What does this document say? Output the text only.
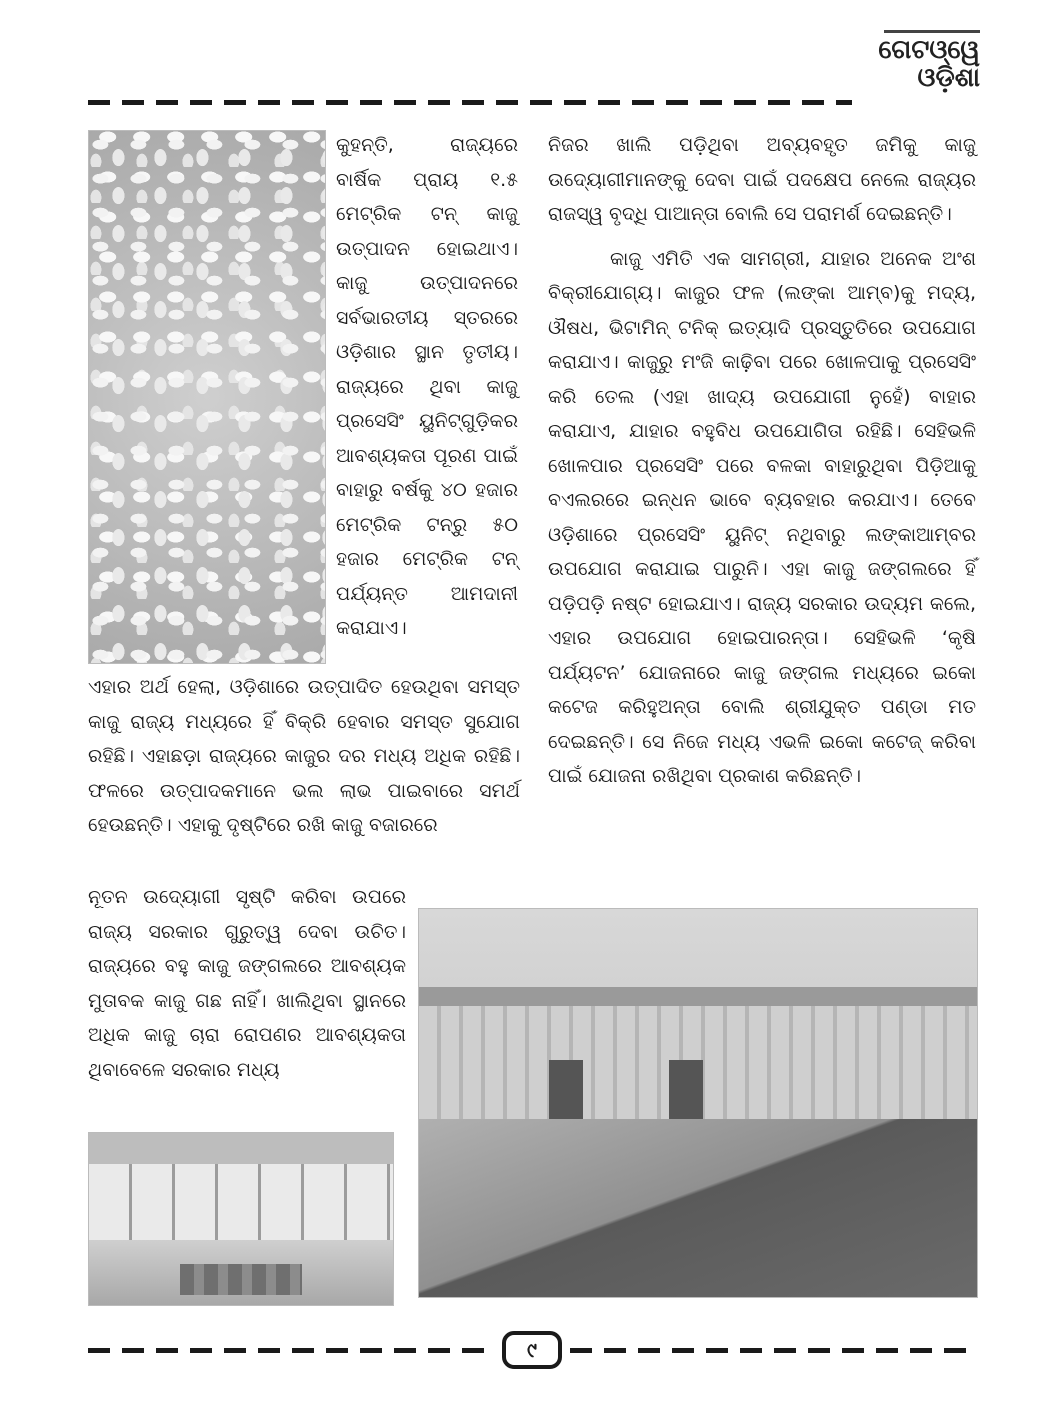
ଗେଟଓ୍ୱେ
ଓଡ଼ିଶା

କୁହନ୍ତି, ରାଜ୍ୟରେ ବାର୍ଷିକ ପ୍ରାୟ ୧.୫ ମେଟ୍ରିକ ଟନ୍ କାଜୁ ଉତ୍ପାଦନ ହୋଇଥାଏ। କାଜୁ ଉତ୍ପାଦନରେ ସର୍ବଭାରତୀୟ ସ୍ତରରେ ଓଡ଼ିଶାର ସ୍ଥାନ ତୃତୀୟ। ରାଜ୍ୟରେ ଥିବା କାଜୁ ପ୍ରସେସିଂ ୟୁନିଟ୍‌ଗୁଡ଼ିକର ଆବଶ୍ୟକତା ପୂରଣ ପାଇଁ ବାହାରୁ ବର୍ଷକୁ ୪୦ ହଜାର ମେଟ୍ରିକ ଟନ୍‌ରୁ ୫୦ ହଜାର ମେଟ୍ରିକ ଟନ୍ ପର୍ଯ୍ୟନ୍ତ ଆମଦାନୀ କରାଯାଏ।

ଏହାର ଅର୍ଥ ହେଲା, ଓଡ଼ିଶାରେ ଉତ୍ପାଦିତ ହେଉଥିବା ସମସ୍ତ କାଜୁ ରାଜ୍ୟ ମଧ୍ୟରେ ହିଁ ବିକ୍ରି ହେବାର ସମସ୍ତ ସୁଯୋଗ ରହିଛି। ଏହାଛଡ଼ା ରାଜ୍ୟରେ କାଜୁର ଦର ମଧ୍ୟ ଅଧିକ ରହିଛି। ଫଳରେ ଉତ୍ପାଦକମାନେ ଭଲ ଲାଭ ପାଇବାରେ ସମର୍ଥ ହେଉଛନ୍ତି। ଏହାକୁ ଦୃଷ୍ଟିରେ ରଖି କାଜୁ ବଜାରରେ

ନୂତନ ଉଦ୍ୟୋଗୀ ସୃଷ୍ଟି କରିବା ଉପରେ ରାଜ୍ୟ ସରକାର ଗୁରୁତ୍ୱ ଦେବା ଉଚିତ। ରାଜ୍ୟରେ ବହୁ କାଜୁ ଜଙ୍ଗଲରେ ଆବଶ୍ୟକ ମୁତାବକ କାଜୁ ଗଛ ନାହିଁ। ଖାଲିଥିବା ସ୍ଥାନରେ ଅଧିକ କାଜୁ ଚାରା ରୋପଣର ଆବଶ୍ୟକତା ଥିବାବେଳେ ସରକାର ମଧ୍ୟ

ନିଜର ଖାଲି ପଡ଼ିଥିବା ଅବ୍ୟବହୃତ ଜମିକୁ କାଜୁ ଉଦ୍ୟୋଗୀମାନଙ୍କୁ ଦେବା ପାଇଁ ପଦକ୍ଷେପ ନେଲେ ରାଜ୍ୟର ରାଜସ୍ୱ ବୃଦ୍ଧି ପାଆନ୍ତା ବୋଲି ସେ ପରାମର୍ଶ ଦେଇଛନ୍ତି।

କାଜୁ ଏମିତି ଏକ ସାମଗ୍ରୀ, ଯାହାର ଅନେକ ଅଂଶ ବିକ୍ରୀଯୋଗ୍ୟ। କାଜୁର ଫଳ (ଲଙ୍କା ଆମ୍ବ)କୁ ମଦ୍ୟ, ଔଷଧ, ଭିଟାମିନ୍ ଟନିକ୍ ଇତ୍ୟାଦି ପ୍ରସ୍ତୁତିରେ ଉପଯୋଗ କରାଯାଏ। କାଜୁରୁ ମଂଜି କାଢ଼ିବା ପରେ ଖୋଳପାକୁ ପ୍ରସେସିଂ କରି ତେଲ (ଏହା ଖାଦ୍ୟ ଉପଯୋଗୀ ନୁହେଁ) ବାହାର କରାଯାଏ, ଯାହାର ବହୁବିଧ ଉପଯୋଗିତା ରହିଛି। ସେହିଭଳି ଖୋଳପାର ପ୍ରସେସିଂ ପରେ ବଳକା ବାହାରୁଥିବା ପିଡ଼ିଆକୁ ବଏଲରରେ ଇନ୍ଧନ ଭାବେ ବ୍ୟବହାର କରଯାଏ। ତେବେ ଓଡ଼ିଶାରେ ପ୍ରସେସିଂ ୟୁନିଟ୍ ନଥିବାରୁ ଲଙ୍କାଆମ୍ବର ଉପଯୋଗ କରାଯାଇ ପାରୁନି। ଏହା କାଜୁ ଜଙ୍ଗଲରେ ହିଁ ପଡ଼ିପଡ଼ି ନଷ୍ଟ ହୋଇଯାଏ। ରାଜ୍ୟ ସରକାର ଉଦ୍ୟମ କଲେ, ଏହାର ଉପଯୋଗ ହୋଇପାରନ୍ତା। ସେହିଭଳି ‘କୃଷି ପର୍ଯ୍ୟଟନ’ ଯୋଜନାରେ କାଜୁ ଜଙ୍ଗଲ ମଧ୍ୟରେ ଇକୋ କଟେଜ କରିହୁଅନ୍ତା ବୋଲି ଶ୍ରୀଯୁକ୍ତ ପଣ୍ଡା ମତ ଦେଇଛନ୍ତି। ସେ ନିଜେ ମଧ୍ୟ ଏଭଳି ଇକୋ କଟେଜ୍ କରିବା ପାଇଁ ଯୋଜନା ରଖିଥିବା ପ୍ରକାଶ କରିଛନ୍ତି।

୯
